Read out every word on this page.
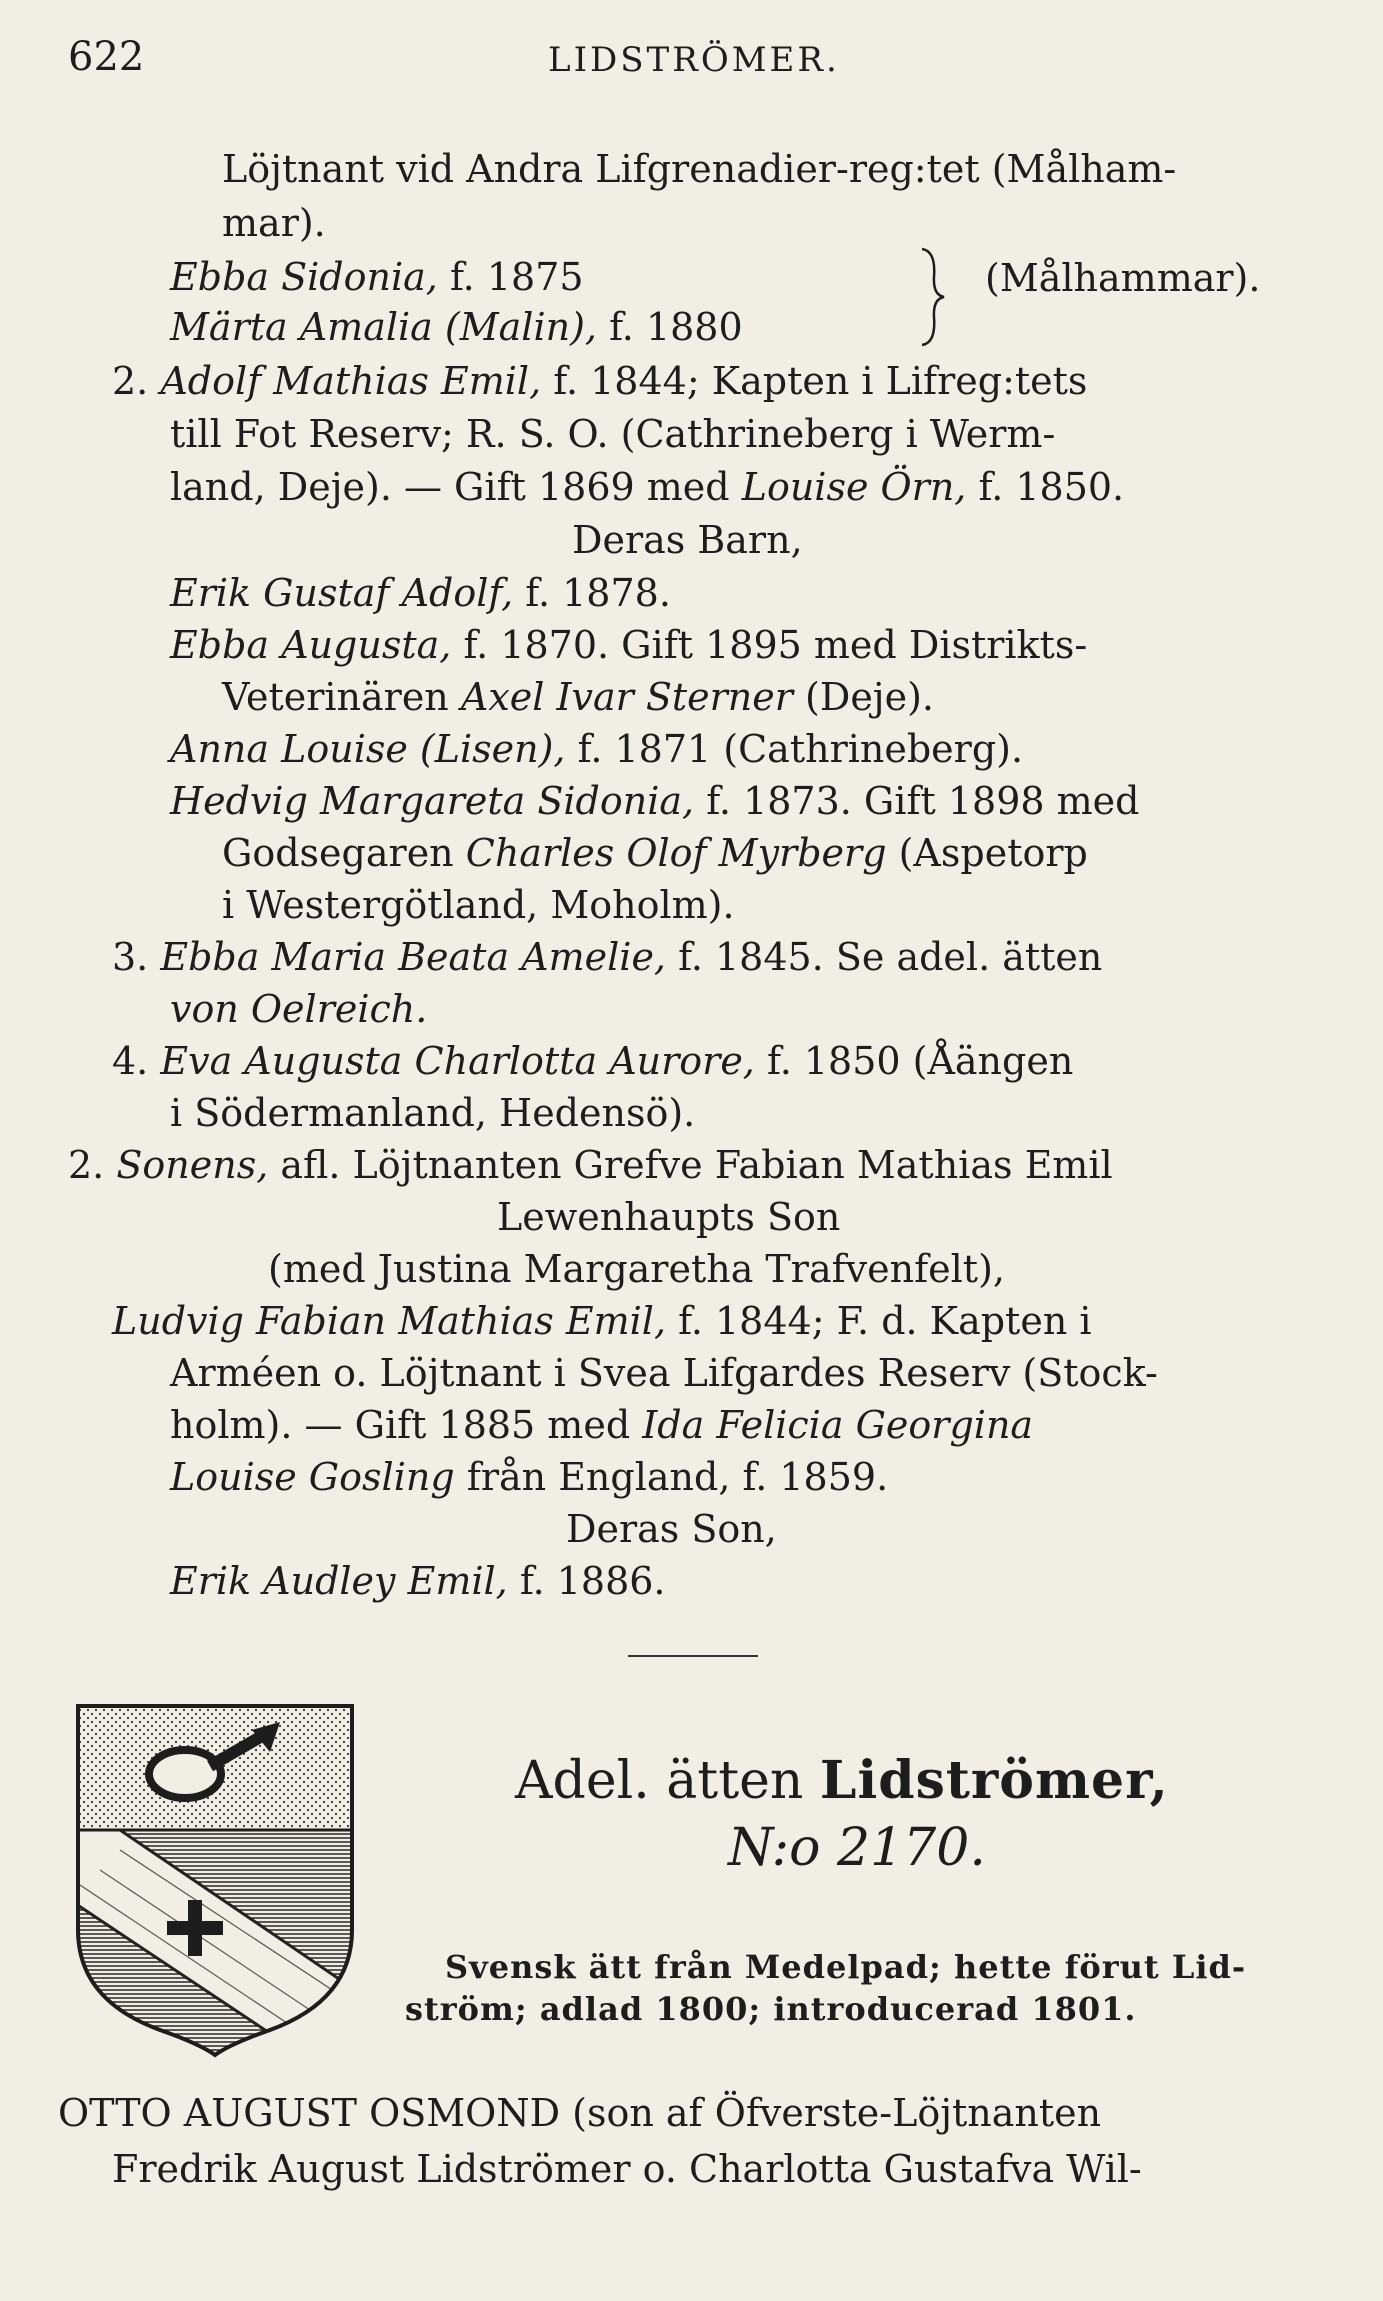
622	LIDSTRÖMER.
Löjtnant vid Andra Lifgrenadier-reg:tet (Målham-
mar).
Ebba Sidonia, f. 1875
Märta Amalia (Malin), f. 1880
(Målhammar).
2. Adolf Mathias Emil, f. 1844; Kapten i Lifreg:tets
till Fot Reserv; R. S. O. (Cathrineberg i Werm-
land, Deje). — Gift 1869 med Louise Örn, f. 1850.
Deras Barn,
Erik Gustaf Adolf, f. 1878.
Ebba Augusta, f. 1870. Gift 1895 med Distrikts-
Veterinären Axel Ivar Sterner (Deje).
Anna Louise (Lisen), f. 1871 (Cathrineberg).
Hedvig Margareta Sidonia, f. 1873. Gift 1898 med
Godsegaren Charles Olof Myrberg (Aspetorp
i Westergötland, Moholm).
3. Ebba Maria Beata Amelie, f. 1845. Se adel. ätten
von Oelreich.
4. Eva Augusta Charlotta Aurore, f. 1850 (Åängen
i Södermanland, Hedensö).
2. Sonens, afl. Löjtnanten Grefve Fabian Mathias Emil
Lewenhaupts Son
(med Justina Margaretha Trafvenfelt),
Ludvig Fabian Mathias Emil, f. 1844; F. d. Kapten i
Arméen o. Löjtnant i Svea Lifgardes Reserv (Stock-
holm). — Gift 1885 med Ida Felicia Georgina
Louise Gosling från England, f. 1859.
Deras Son,
Erik Audley Emil, f. 1886.
Adel. ätten Lidströmer,
N:o 2170.
Svensk ätt från Medelpad; hette förut Lid-
ström; adlad 1800; introducerad 1801.
OTTO AUGUST OSMOND (son af Öfverste-Löjtnanten
Fredrik August Lidströmer o. Charlotta Gustafva Wil-
